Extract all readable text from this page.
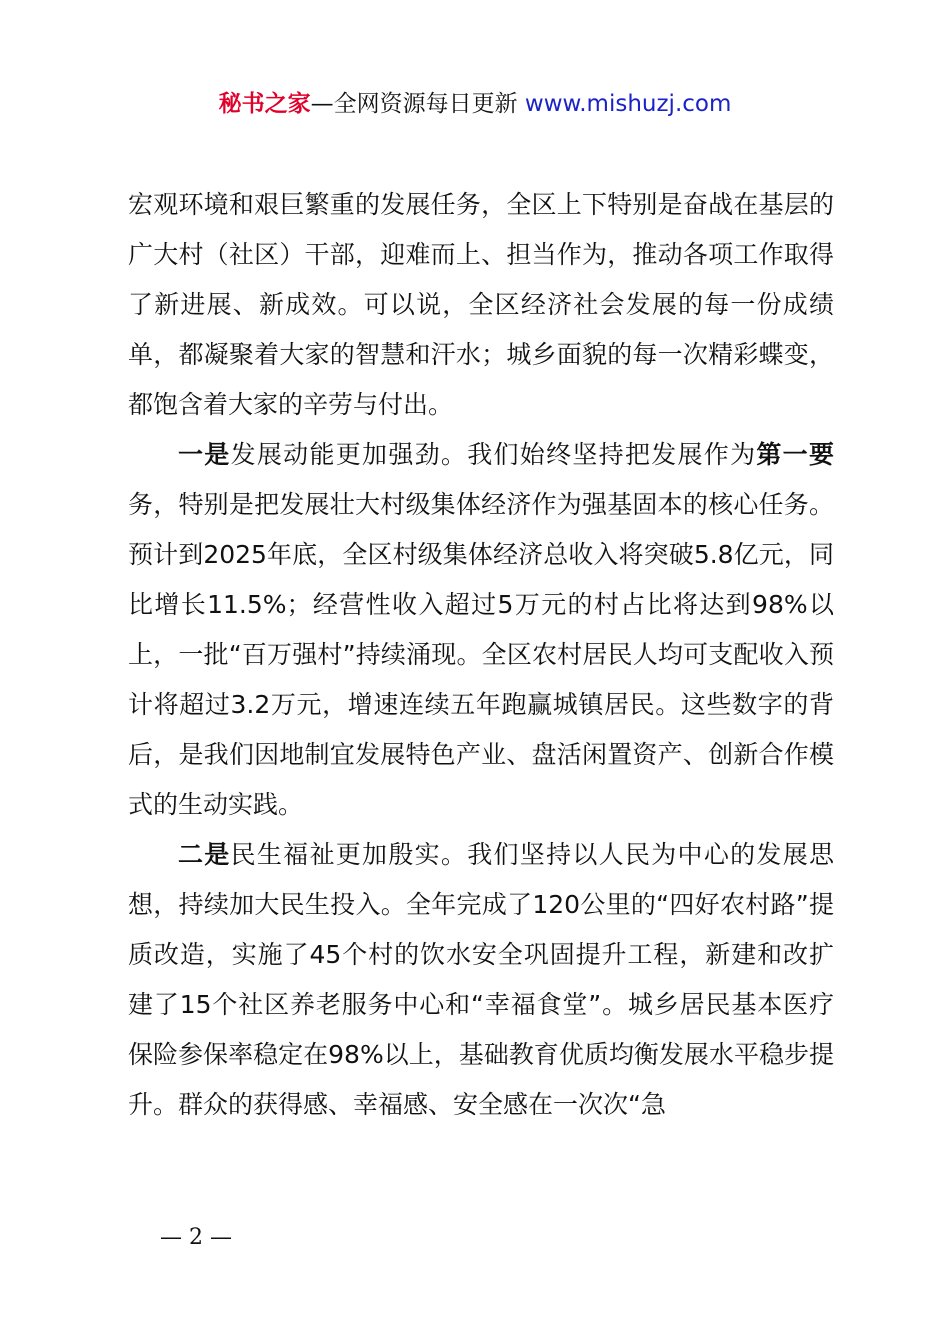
秘书之家—全网资源每日更新 www.mishuzj.com

宏观环境和艰巨繁重的发展任务，全区上下特别是奋战在基层的广大村（社区）干部，迎难而上、担当作为，推动各项工作取得了新进展、新成效。可以说，全区经济社会发展的每一份成绩单，都凝聚着大家的智慧和汗水；城乡面貌的每一次精彩蝶变，都饱含着大家的辛劳与付出。

一是发展动能更加强劲。我们始终坚持把发展作为第一要务，特别是把发展壮大村级集体经济作为强基固本的核心任务。预计到2025年底，全区村级集体经济总收入将突破5.8亿元，同比增长11.5%；经营性收入超过5万元的村占比将达到98%以上，一批“百万强村”持续涌现。全区农村居民人均可支配收入预计将超过3.2万元，增速连续五年跑赢城镇居民。这些数字的背后，是我们因地制宜发展特色产业、盘活闲置资产、创新合作模式的生动实践。

二是民生福祉更加殷实。我们坚持以人民为中心的发展思想，持续加大民生投入。全年完成了120公里的“四好农村路”提质改造，实施了45个村的饮水安全巩固提升工程，新建和改扩建了15个社区养老服务中心和“幸福食堂”。城乡居民基本医疗保险参保率稳定在98%以上，基础教育优质均衡发展水平稳步提升。群众的获得感、幸福感、安全感在一次次“急

— 2 —
